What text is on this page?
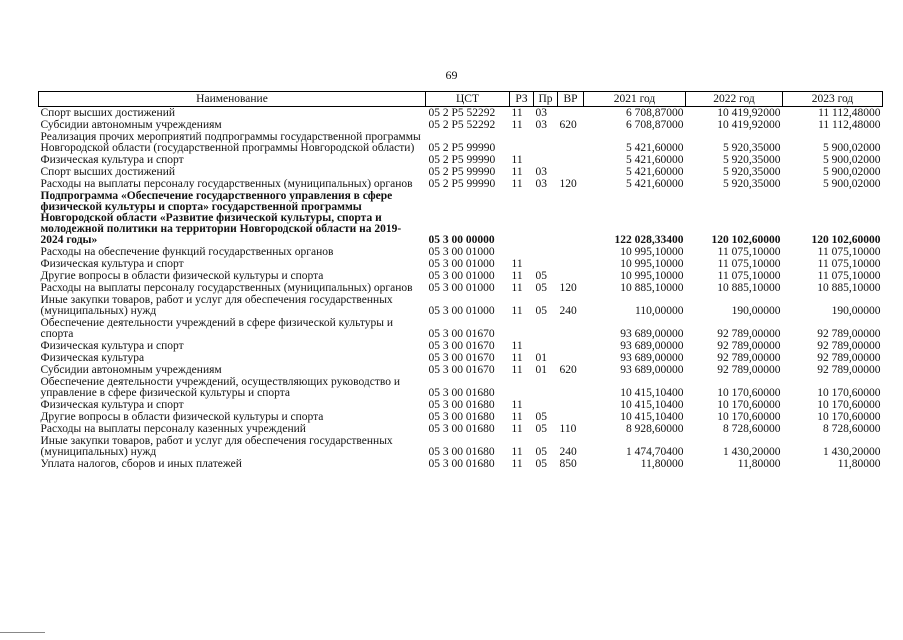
69
Наименование	ЦСТ	РЗ	Пр	ВР	2021 год	2022 год	2023 год
Спорт высших достижений	05 2 Р5 52292	11	03		6 708,87000	10 419,92000	11 112,48000
Субсидии автономным учреждениям	05 2 Р5 52292	11	03	620	6 708,87000	10 419,92000	11 112,48000
Реализация прочих мероприятий подпрограммы государственной программы Новгородской области (государственной программы Новгородской области)	05 2 Р5 99990				5 421,60000	5 920,35000	5 900,02000
Физическая культура и спорт	05 2 Р5 99990	11			5 421,60000	5 920,35000	5 900,02000
Спорт высших достижений	05 2 Р5 99990	11	03		5 421,60000	5 920,35000	5 900,02000
Расходы на выплаты персоналу государственных (муниципальных) органов	05 2 Р5 99990	11	03	120	5 421,60000	5 920,35000	5 900,02000
Подпрограмма «Обеспечение государственного управления в сфере физической культуры и спорта» государственной программы Новгородской области «Развитие физической культуры, спорта и молодежной политики на территории Новгородской области на 2019-2024 годы»	05 3 00 00000				122 028,33400	120 102,60000	120 102,60000
Расходы на обеспечение функций государственных органов	05 3 00 01000				10 995,10000	11 075,10000	11 075,10000
Физическая культура и спорт	05 3 00 01000	11			10 995,10000	11 075,10000	11 075,10000
Другие вопросы в области физической культуры и спорта	05 3 00 01000	11	05		10 995,10000	11 075,10000	11 075,10000
Расходы на выплаты персоналу государственных (муниципальных) органов	05 3 00 01000	11	05	120	10 885,10000	10 885,10000	10 885,10000
Иные закупки товаров, работ и услуг для обеспечения государственных (муниципальных) нужд	05 3 00 01000	11	05	240	110,00000	190,00000	190,00000
Обеспечение деятельности учреждений в сфере физической культуры и спорта	05 3 00 01670				93 689,00000	92 789,00000	92 789,00000
Физическая культура и спорт	05 3 00 01670	11			93 689,00000	92 789,00000	92 789,00000
Физическая культура	05 3 00 01670	11	01		93 689,00000	92 789,00000	92 789,00000
Субсидии автономным учреждениям	05 3 00 01670	11	01	620	93 689,00000	92 789,00000	92 789,00000
Обеспечение деятельности учреждений, осуществляющих руководство и управление в сфере физической культуры и спорта	05 3 00 01680				10 415,10400	10 170,60000	10 170,60000
Физическая культура и спорт	05 3 00 01680	11			10 415,10400	10 170,60000	10 170,60000
Другие вопросы в области физической культуры и спорта	05 3 00 01680	11	05		10 415,10400	10 170,60000	10 170,60000
Расходы на выплаты персоналу казенных учреждений	05 3 00 01680	11	05	110	8 928,60000	8 728,60000	8 728,60000
Иные закупки товаров, работ и услуг для обеспечения государственных (муниципальных) нужд	05 3 00 01680	11	05	240	1 474,70400	1 430,20000	1 430,20000
Уплата налогов, сборов и иных платежей	05 3 00 01680	11	05	850	11,80000	11,80000	11,80000
